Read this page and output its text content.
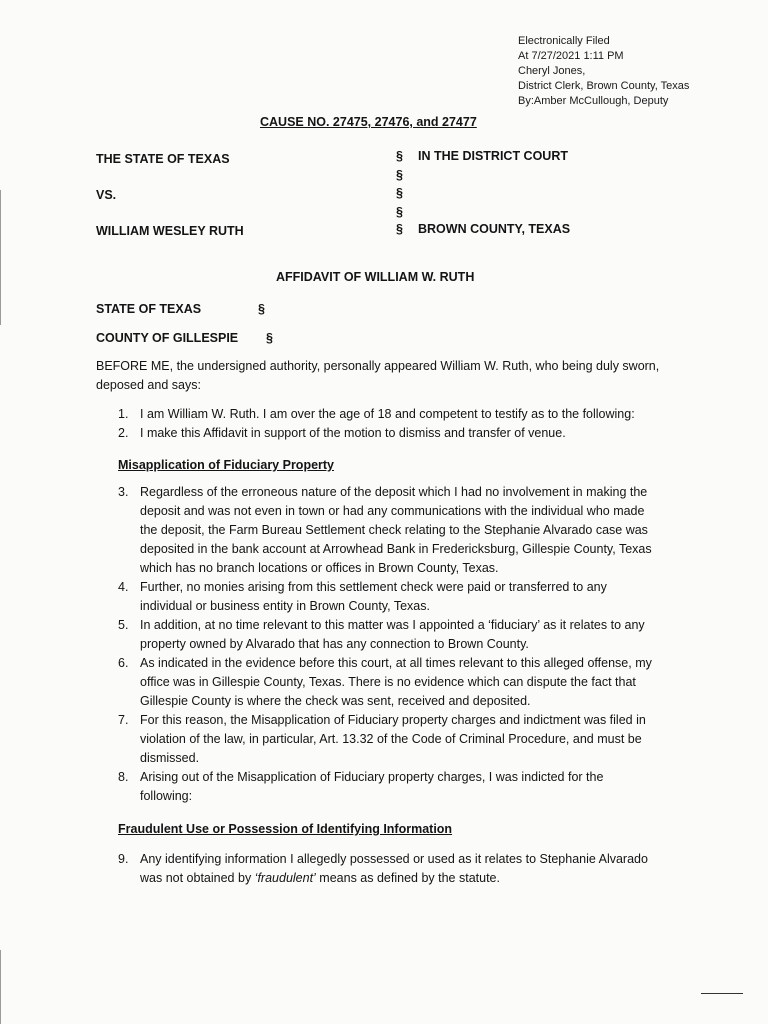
Electronically Filed
At 7/27/2021 1:11 PM
Cheryl Jones,
District Clerk, Brown County, Texas
By:Amber McCullough, Deputy
CAUSE NO. 27475, 27476, and 27477
THE STATE OF TEXAS
VS.
WILLIAM WESLEY RUTH
§
§
§
§
§
IN THE DISTRICT COURT
BROWN COUNTY, TEXAS
AFFIDAVIT OF WILLIAM W. RUTH
STATE OF TEXAS	§
COUNTY OF GILLESPIE §
BEFORE ME, the undersigned authority, personally appeared William W. Ruth, who being duly sworn, deposed and says:
1. I am William W. Ruth. I am over the age of 18 and competent to testify as to the following:
2. I make this Affidavit in support of the motion to dismiss and transfer of venue.
Misapplication of Fiduciary Property
3. Regardless of the erroneous nature of the deposit which I had no involvement in making the deposit and was not even in town or had any communications with the individual who made the deposit, the Farm Bureau Settlement check relating to the Stephanie Alvarado case was deposited in the bank account at Arrowhead Bank in Fredericksburg, Gillespie County, Texas which has no branch locations or offices in Brown County, Texas.
4. Further, no monies arising from this settlement check were paid or transferred to any individual or business entity in Brown County, Texas.
5. In addition, at no time relevant to this matter was I appointed a ‘fiduciary’ as it relates to any property owned by Alvarado that has any connection to Brown County.
6. As indicated in the evidence before this court, at all times relevant to this alleged offense, my office was in Gillespie County, Texas. There is no evidence which can dispute the fact that Gillespie County is where the check was sent, received and deposited.
7. For this reason, the Misapplication of Fiduciary property charges and indictment was filed in violation of the law, in particular, Art. 13.32 of the Code of Criminal Procedure, and must be dismissed.
8. Arising out of the Misapplication of Fiduciary property charges, I was indicted for the following:
Fraudulent Use or Possession of Identifying Information
9. Any identifying information I allegedly possessed or used as it relates to Stephanie Alvarado was not obtained by ‘fraudulent’ means as defined by the statute.
